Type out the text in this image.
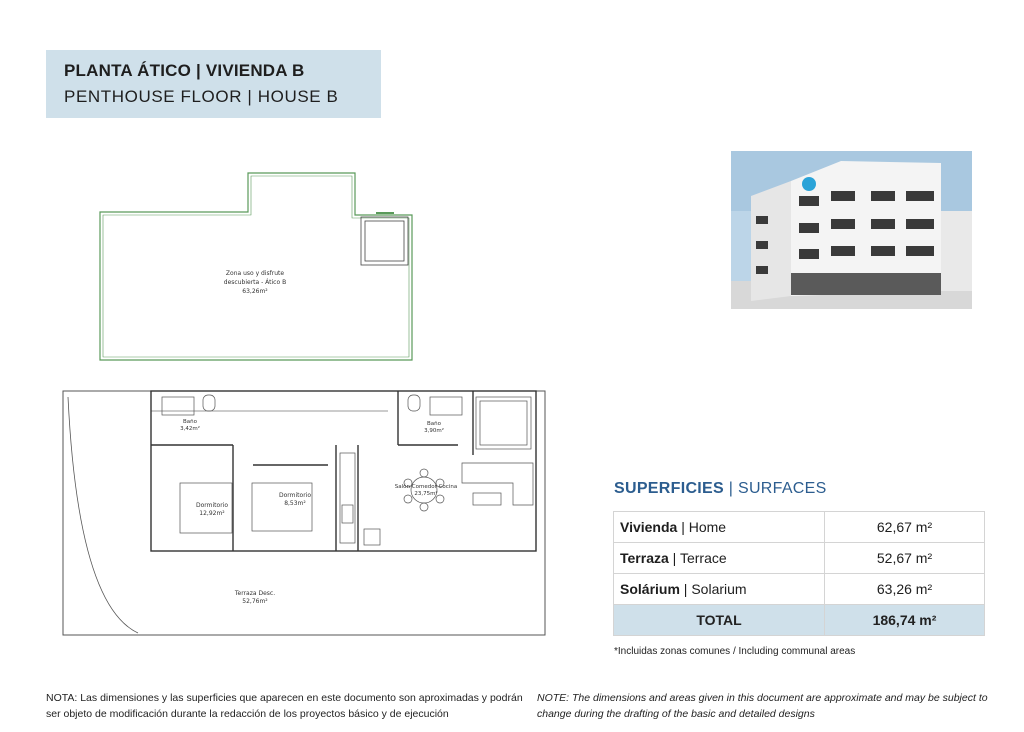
PLANTA ÁTICO | VIVIENDA B
PENTHOUSE FLOOR | HOUSE B
Zona uso y disfrute
descubierta - Ático B
63,26m²
Baño
3,42m²
Baño
3,90m²
Dormitorio
12,92m²
Dormitorio
8,53m²
Salón Comedor Cocina
23,75m²
Terraza Desc.
52,76m²
SUPERFICIES | SURFACES
Vivienda | Home	62,67 m²
Terraza | Terrace	52,67 m²
Solárium | Solarium	63,26 m²
TOTAL	186,74 m²
*Incluidas zonas comunes / Including communal areas
NOTA: Las dimensiones y las superficies que aparecen en este documento son aproximadas y podrán ser objeto de modificación durante la redacción de los proyectos básico y de ejecución
NOTE: The dimensions and areas given in this document are approximate and may be subject to change during the drafting of the basic and detailed designs
